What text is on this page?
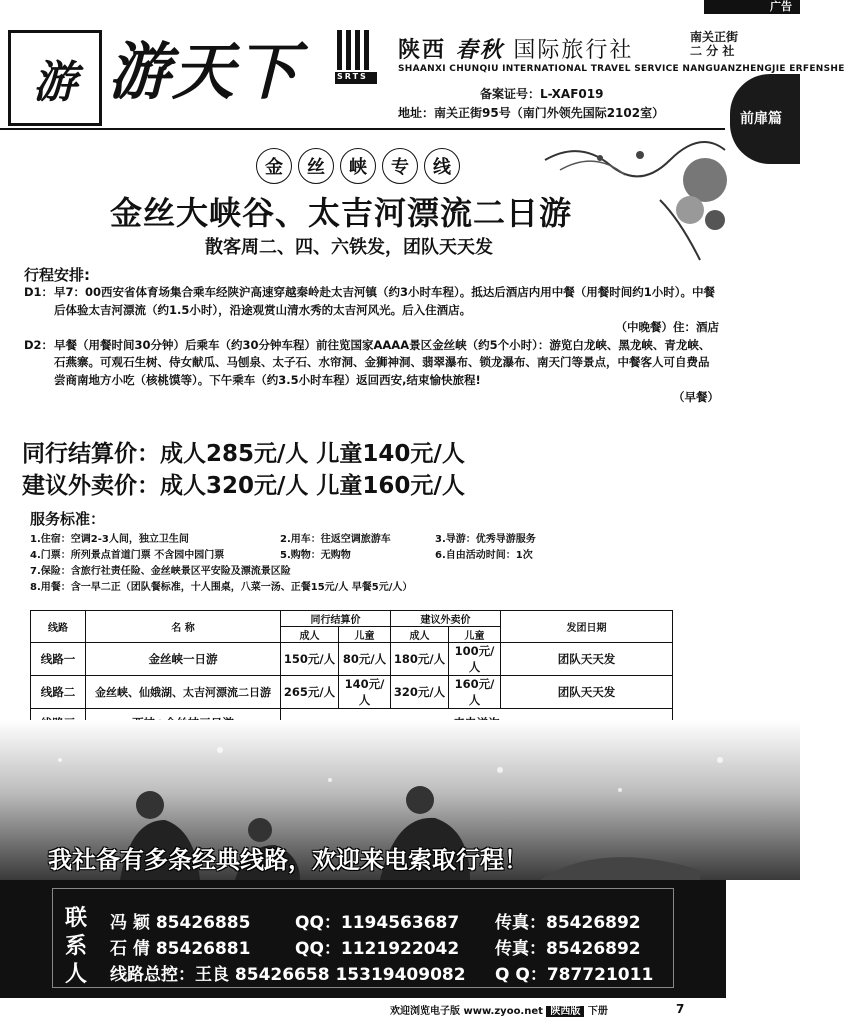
广告
游 游天下	SRTS
陕西 春秋 国际旅行社
南关正街
二 分 社
SHAANXI CHUNQIU INTERNATIONAL TRAVEL SERVICE NANGUANZHENGJIE ERFENSHE
备案证号：L-XAF019
地址：南关正街95号（南门外领先国际2102室）	前扉篇
金	丝	峡	专	线
金丝大峡谷、太吉河漂流二日游
散客周二、四、六铁发，团队天天发
行程安排:
D1： 早7：00西安省体育场集合乘车经陕沪高速穿越秦岭赴太吉河镇（约3小时车程）。抵达后酒店内用中餐（用餐时间约1小时）。中餐后体验太吉河漂流（约1.5小时），沿途观赏山清水秀的太吉河风光。后入住酒店。
（中晚餐）住：酒店
D2： 早餐（用餐时间30分钟）后乘车（约30分钟车程）前往览国家AAAA景区金丝峡（约5个小时）：游览白龙峡、黑龙峡、青龙峡、石燕寨。可观石生树、侍女献瓜、马刨泉、太子石、水帘洞、金狮神洞、翡翠瀑布、锁龙瀑布、南天门等景点，中餐客人可自费品尝商南地方小吃（核桃馍等）。下午乘车（约3.5小时车程）返回西安,结束愉快旅程!
（早餐）
同行结算价：成人285元/人 儿童140元/人
建议外卖价：成人320元/人 儿童160元/人
服务标准：
1.住宿：空调2-3人间，独立卫生间	2.用车：往返空调旅游车	3.导游：优秀导游服务
4.门票：所列景点首道门票 不含园中园门票	5.购物：无购物	6.自由活动时间：1次
7.保险：含旅行社责任险、金丝峡景区平安险及漂流景区险
8.用餐：含一早二正（团队餐标准，十人围桌，八菜一汤、正餐15元/人 早餐5元/人）
线路	名 称	同行结算价		建议外卖价		发团日期
		成人	儿童	成人	儿童	
线路一	金丝峡一日游	150元/人	80元/人	180元/人	100元/人	团队天天发
线路二	金丝峡、仙娥湖、太吉河漂流二日游	265元/人	140元/人	320元/人	160元/人	团队天天发

我社备有多条经典线路，欢迎来电索取行程！
联系人
冯 颖 85426885	QQ：1194563687 传真：85426892
石 倩 85426881	QQ：1121922042 传真：85426892
线路总控：王良 85426658 15319409082 Q Q：787721011
欢迎浏览电子版 www.zyoo.net 陕西版 下册	7
